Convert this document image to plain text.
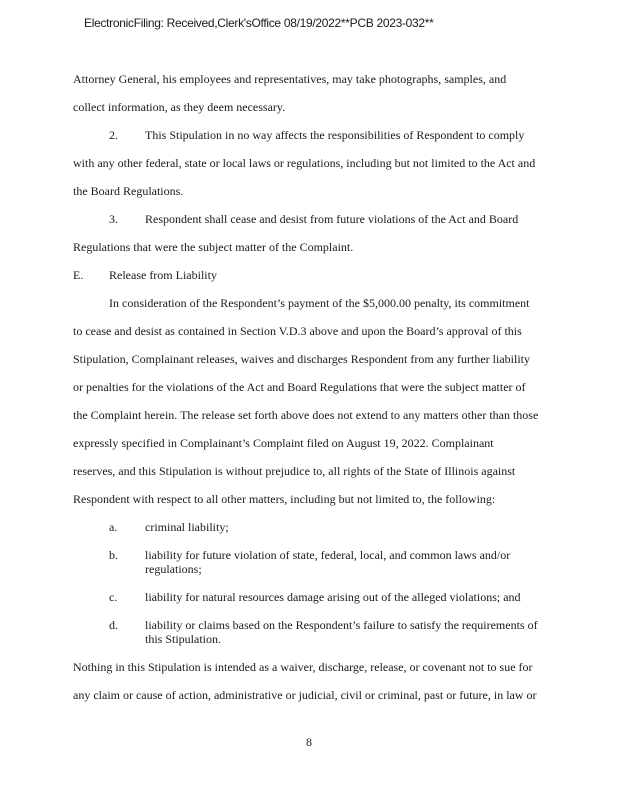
ElectronicFiling: Received,Clerk'sOffice 08/19/2022**PCB 2023-032**
Attorney General, his employees and representatives, may take photographs, samples, and
collect information, as they deem necessary.
2. This Stipulation in no way affects the responsibilities of Respondent to comply
with any other federal, state or local laws or regulations, including but not limited to the Act and
the Board Regulations.
3. Respondent shall cease and desist from future violations of the Act and Board
Regulations that were the subject matter of the Complaint.
E. Release from Liability
In consideration of the Respondent’s payment of the $5,000.00 penalty, its commitment
to cease and desist as contained in Section V.D.3 above and upon the Board’s approval of this
Stipulation, Complainant releases, waives and discharges Respondent from any further liability
or penalties for the violations of the Act and Board Regulations that were the subject matter of
the Complaint herein. The release set forth above does not extend to any matters other than those
expressly specified in Complainant’s Complaint filed on August 19, 2022. Complainant
reserves, and this Stipulation is without prejudice to, all rights of the State of Illinois against
Respondent with respect to all other matters, including but not limited to, the following:
a. criminal liability;
b. liability for future violation of state, federal, local, and common laws and/or
regulations;
c. liability for natural resources damage arising out of the alleged violations; and
d. liability or claims based on the Respondent’s failure to satisfy the requirements of
this Stipulation.
Nothing in this Stipulation is intended as a waiver, discharge, release, or covenant not to sue for
any claim or cause of action, administrative or judicial, civil or criminal, past or future, in law or
8
